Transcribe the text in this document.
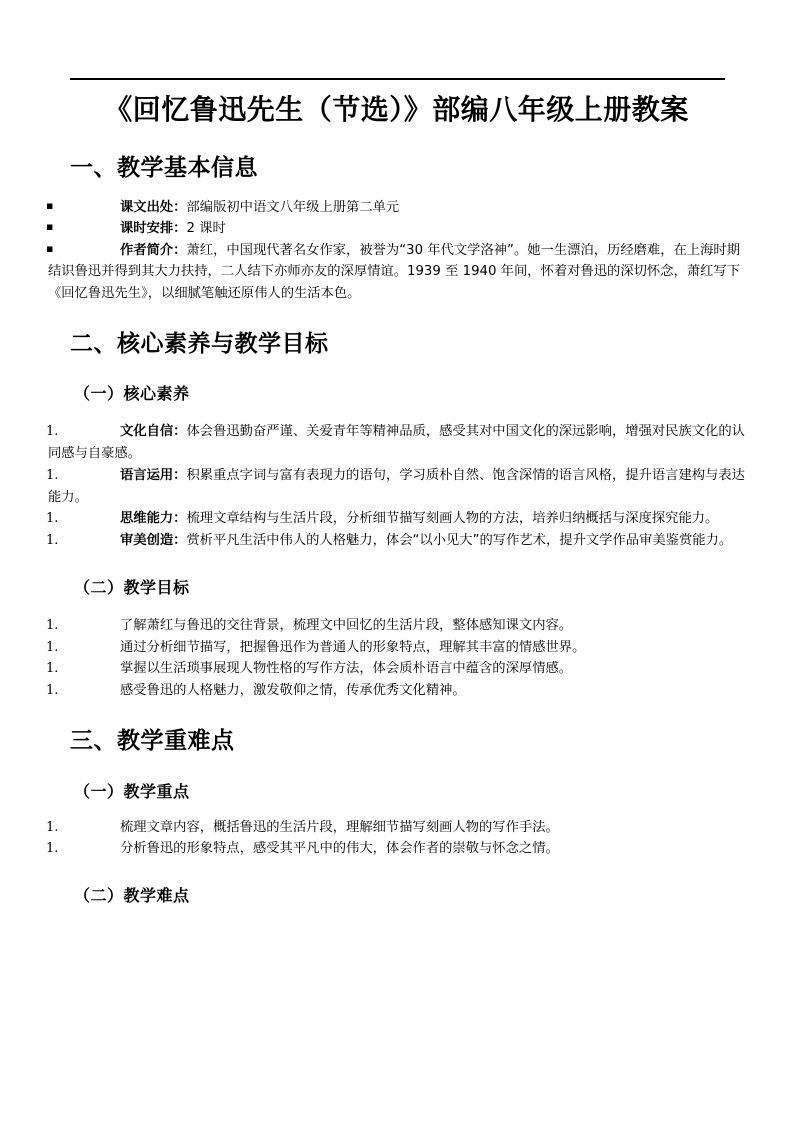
《回忆鲁迅先生（节选）》部编八年级上册教案
一、教学基本信息
▪	课文出处：部编版初中语文八年级上册第二单元
▪	课时安排：2 课时
▪	作者简介：萧红，中国现代著名女作家，被誉为“30 年代文学洛神”。她一生漂泊，历经磨难，在上海时期结识鲁迅并得到其大力扶持，二人结下亦师亦友的深厚情谊。1939 至 1940 年间，怀着对鲁迅的深切怀念，萧红写下《回忆鲁迅先生》，以细腻笔触还原伟人的生活本色。
二、核心素养与教学目标
（一）核心素养
1.	文化自信：体会鲁迅勤奋严谨、关爱青年等精神品质，感受其对中国文化的深远影响，增强对民族文化的认同感与自豪感。
1.	语言运用：积累重点字词与富有表现力的语句，学习质朴自然、饱含深情的语言风格，提升语言建构与表达能力。
1.	思维能力：梳理文章结构与生活片段，分析细节描写刻画人物的方法，培养归纳概括与深度探究能力。
1.	审美创造：赏析平凡生活中伟人的人格魅力，体会“以小见大”的写作艺术，提升文学作品审美鉴赏能力。
（二）教学目标
1.	了解萧红与鲁迅的交往背景，梳理文中回忆的生活片段，整体感知课文内容。
1.	通过分析细节描写，把握鲁迅作为普通人的形象特点，理解其丰富的情感世界。
1.	掌握以生活琐事展现人物性格的写作方法，体会质朴语言中蕴含的深厚情感。
1.	感受鲁迅的人格魅力，激发敬仰之情，传承优秀文化精神。
三、教学重难点
（一）教学重点
1.	梳理文章内容，概括鲁迅的生活片段，理解细节描写刻画人物的写作手法。
1.	分析鲁迅的形象特点，感受其平凡中的伟大，体会作者的崇敬与怀念之情。
（二）教学难点
